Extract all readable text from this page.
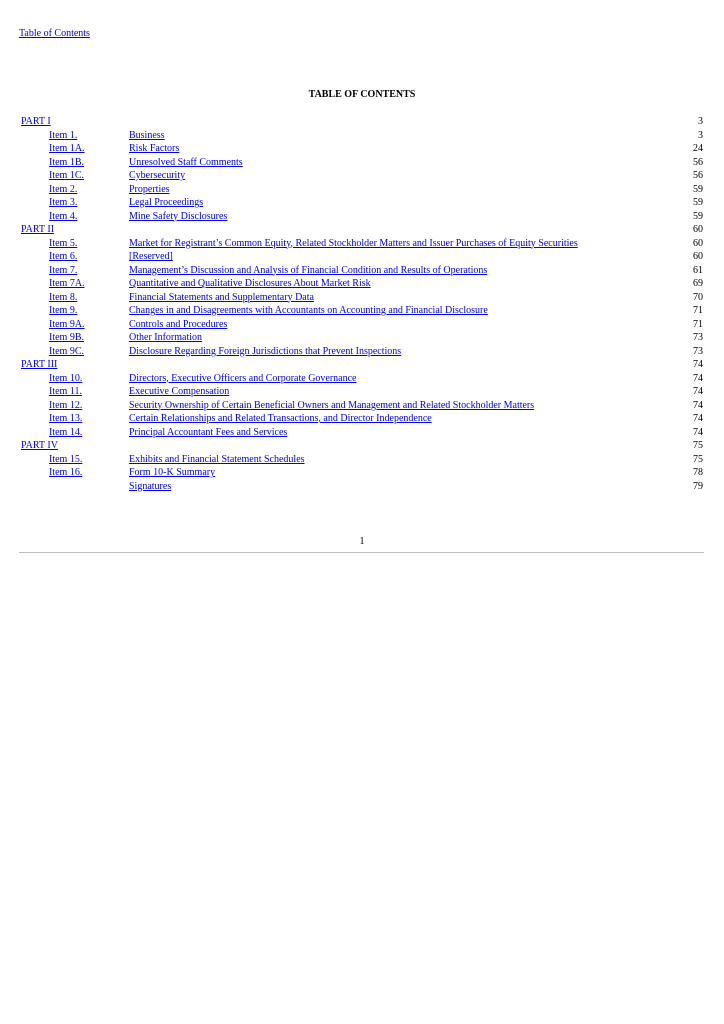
Table of Contents
TABLE OF CONTENTS
PART I	3
Item 1.	Business	3
Item 1A.	Risk Factors	24
Item 1B.	Unresolved Staff Comments	56
Item 1C.	Cybersecurity	56
Item 2.	Properties	59
Item 3.	Legal Proceedings	59
Item 4.	Mine Safety Disclosures	59
PART II	60
Item 5.	Market for Registrant’s Common Equity, Related Stockholder Matters and Issuer Purchases of Equity Securities	60
Item 6.	[Reserved]	60
Item 7.	Management’s Discussion and Analysis of Financial Condition and Results of Operations	61
Item 7A.	Quantitative and Qualitative Disclosures About Market Risk	69
Item 8.	Financial Statements and Supplementary Data	70
Item 9.	Changes in and Disagreements with Accountants on Accounting and Financial Disclosure	71
Item 9A.	Controls and Procedures	71
Item 9B.	Other Information	73
Item 9C.	Disclosure Regarding Foreign Jurisdictions that Prevent Inspections	73
PART III	74
Item 10.	Directors, Executive Officers and Corporate Governance	74
Item 11.	Executive Compensation	74
Item 12.	Security Ownership of Certain Beneficial Owners and Management and Related Stockholder Matters	74
Item 13.	Certain Relationships and Related Transactions, and Director Independence	74
Item 14.	Principal Accountant Fees and Services	74
PART IV	75
Item 15.	Exhibits and Financial Statement Schedules	75
Item 16.	Form 10-K Summary	78
Signatures	79
1
